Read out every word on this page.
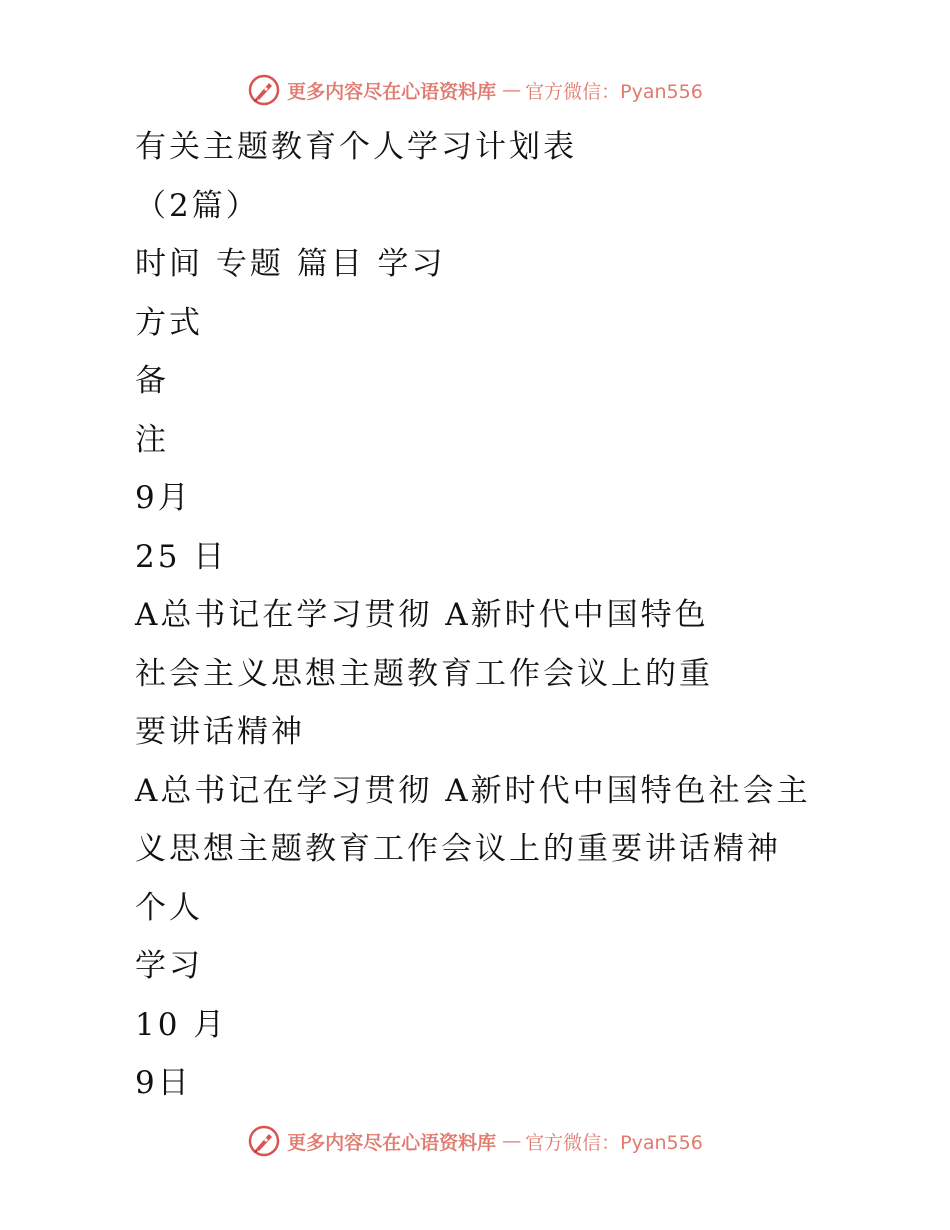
更多内容尽在心语资料库 — 官方微信：Pyan556
有关主题教育个人学习计划表
（2篇）
时间 专题 篇目 学习
方式
备
注
9月
25 日
A总书记在学习贯彻 A新时代中国特色
社会主义思想主题教育工作会议上的重
要讲话精神
A总书记在学习贯彻 A新时代中国特色社会主
义思想主题教育工作会议上的重要讲话精神
个人
学习
10 月
9日
更多内容尽在心语资料库 — 官方微信：Pyan556
